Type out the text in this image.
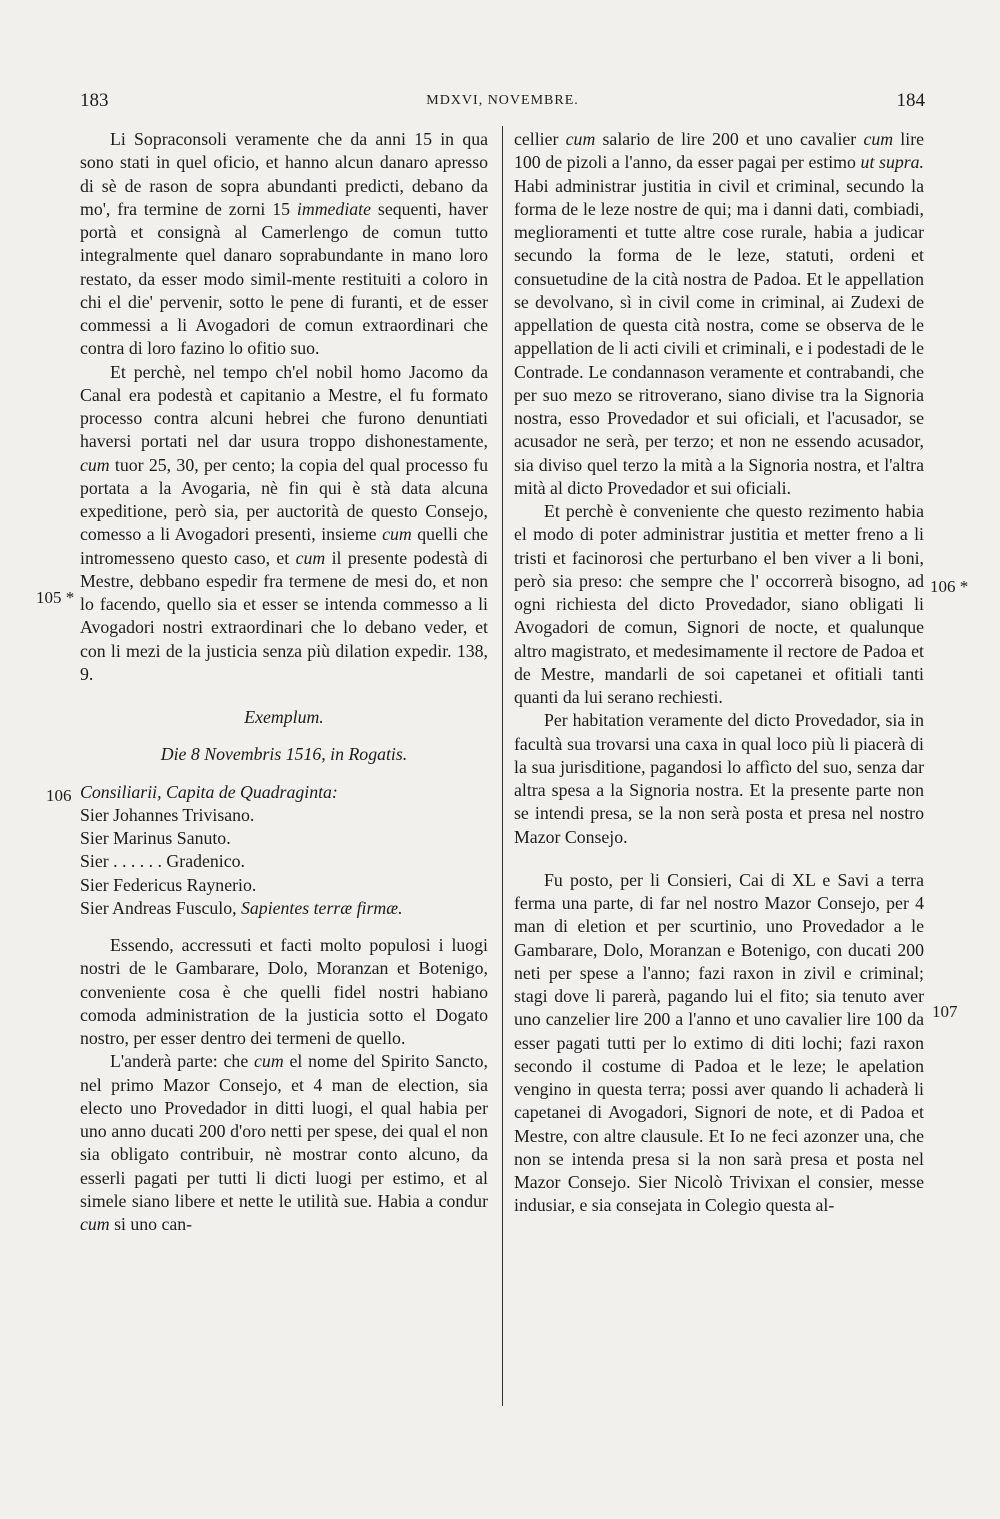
183	MDXVI, NOVEMBRE.	184
105 *
106
106 *
107

Li Sopraconsoli veramente che da anni 15 in qua sono stati in quel oficio, et hanno alcun danaro apresso di sè de rason de sopra abundanti predicti, debano da mo', fra termine de zorni 15 immediate sequenti, haver portà et consignà al Camerlengo de comun tutto integralmente quel danaro soprabundante in mano loro restato, da esser modo simil-mente restituiti a coloro in chi el die' pervenir, sotto le pene di furanti, et de esser commessi a li Avogadori de comun extraordinari che contra di loro fazino lo ofitio suo.

Et perchè, nel tempo ch'el nobil homo Jacomo da Canal era podestà et capitanio a Mestre, el fu formato processo contra alcuni hebrei che furono denuntiati haversi portati nel dar usura troppo dishonestamente, cum tuor 25, 30, per cento; la copia del qual processo fu portata a la Avogaria, nè fin qui è stà data alcuna expeditione, però sia, per auctorità de questo Consejo, comesso a li Avogadori presenti, insieme cum quelli che intromesseno questo caso, et cum il presente podestà di Mestre, debbano espedir fra termene de mesi do, et non lo facendo, quello sia et esser se intenda commesso a li Avogadori nostri extraordinari che lo debano veder, et con li mezi de la justicia senza più dilation expedir. 138, 9.

Exemplum.

Die 8 Novembris 1516, in Rogatis.

Consiliarii, Capita de Quadraginta:
Sier Johannes Trivisano.
Sier Marinus Sanuto.
Sier . . . . . . Gradenico.
Sier Federicus Raynerio.
Sier Andreas Fusculo, Sapientes terræ firmæ.

Essendo, accressuti et facti molto populosi i luogi nostri de le Gambarare, Dolo, Moranzan et Botenigo, conveniente cosa è che quelli fidel nostri habiano comoda administration de la justicia sotto el Dogato nostro, per esser dentro dei termeni de quello.

L'anderà parte: che cum el nome del Spirito Sancto, nel primo Mazor Consejo, et 4 man de election, sia electo uno Provedador in ditti luogi, el qual habia per uno anno ducati 200 d'oro netti per spese, dei qual el non sia obligato contribuir, nè mostrar conto alcuno, da esserli pagati per tutti li dicti luogi per estimo, et al simele siano libere et nette le utilità sue. Habia a condur cum si uno can-

cellier cum salario de lire 200 et uno cavalier cum lire 100 de pizoli a l'anno, da esser pagai per estimo ut supra. Habi administrar justitia in civil et criminal, secundo la forma de le leze nostre de qui; ma i danni dati, combiadi, meglioramenti et tutte altre cose rurale, habia a judicar secundo la forma de le leze, statuti, ordeni et consuetudine de la cità nostra de Padoa. Et le appellation se devolvano, sì in civil come in criminal, ai Zudexi de appellation de questa cità nostra, come se observa de le appellation de li acti civili et criminali, e i podestadi de le Contrade. Le condannason veramente et contrabandi, che per suo mezo se ritroverano, siano divise tra la Signoria nostra, esso Provedador et sui oficiali, et l'acusador, se acusador ne serà, per terzo; et non ne essendo acusador, sia diviso quel terzo la mità a la Signoria nostra, et l'altra mità al dicto Provedador et sui oficiali.

Et perchè è conveniente che questo rezimento habia el modo di poter administrar justitia et metter freno a li tristi et facinorosi che perturbano el ben viver a li boni, però sia preso: che sempre che l' occorrerà bisogno, ad ogni richiesta del dicto Provedador, siano obligati li Avogadori de comun, Signori de nocte, et qualunque altro magistrato, et medesimamente il rectore de Padoa et de Mestre, mandarli de soi capetanei et ofitiali tanti quanti da lui serano rechiesti.

Per habitation veramente del dicto Provedador, sia in facultà sua trovarsi una caxa in qual loco più li piacerà di la sua jurisditione, pagandosi lo affìcto del suo, senza dar altra spesa a la Signoria nostra. Et la presente parte non se intendi presa, se la non serà posta et presa nel nostro Mazor Consejo.

Fu posto, per li Consieri, Cai di XL e Savi a terra ferma una parte, di far nel nostro Mazor Consejo, per 4 man di eletion et per scurtinio, uno Provedador a le Gambarare, Dolo, Moranzan e Botenigo, con ducati 200 neti per spese a l'anno; fazi raxon in zivil e criminal; stagi dove li parerà, pagando lui el fito; sia tenuto aver uno canzelier lire 200 a l'anno et uno cavalier lire 100 da esser pagati tutti per lo extimo di diti lochi; fazi raxon secondo il costume di Padoa et le leze; le apelation vengino in questa terra; possi aver quando li achaderà li capetanei di Avogadori, Signori de note, et di Padoa et Mestre, con altre clausule. Et Io ne feci azonzer una, che non se intenda presa si la non sarà presa et posta nel Mazor Consejo. Sier Nicolò Trivixan el consier, messe indusiar, e sia consejata in Colegio questa al-
